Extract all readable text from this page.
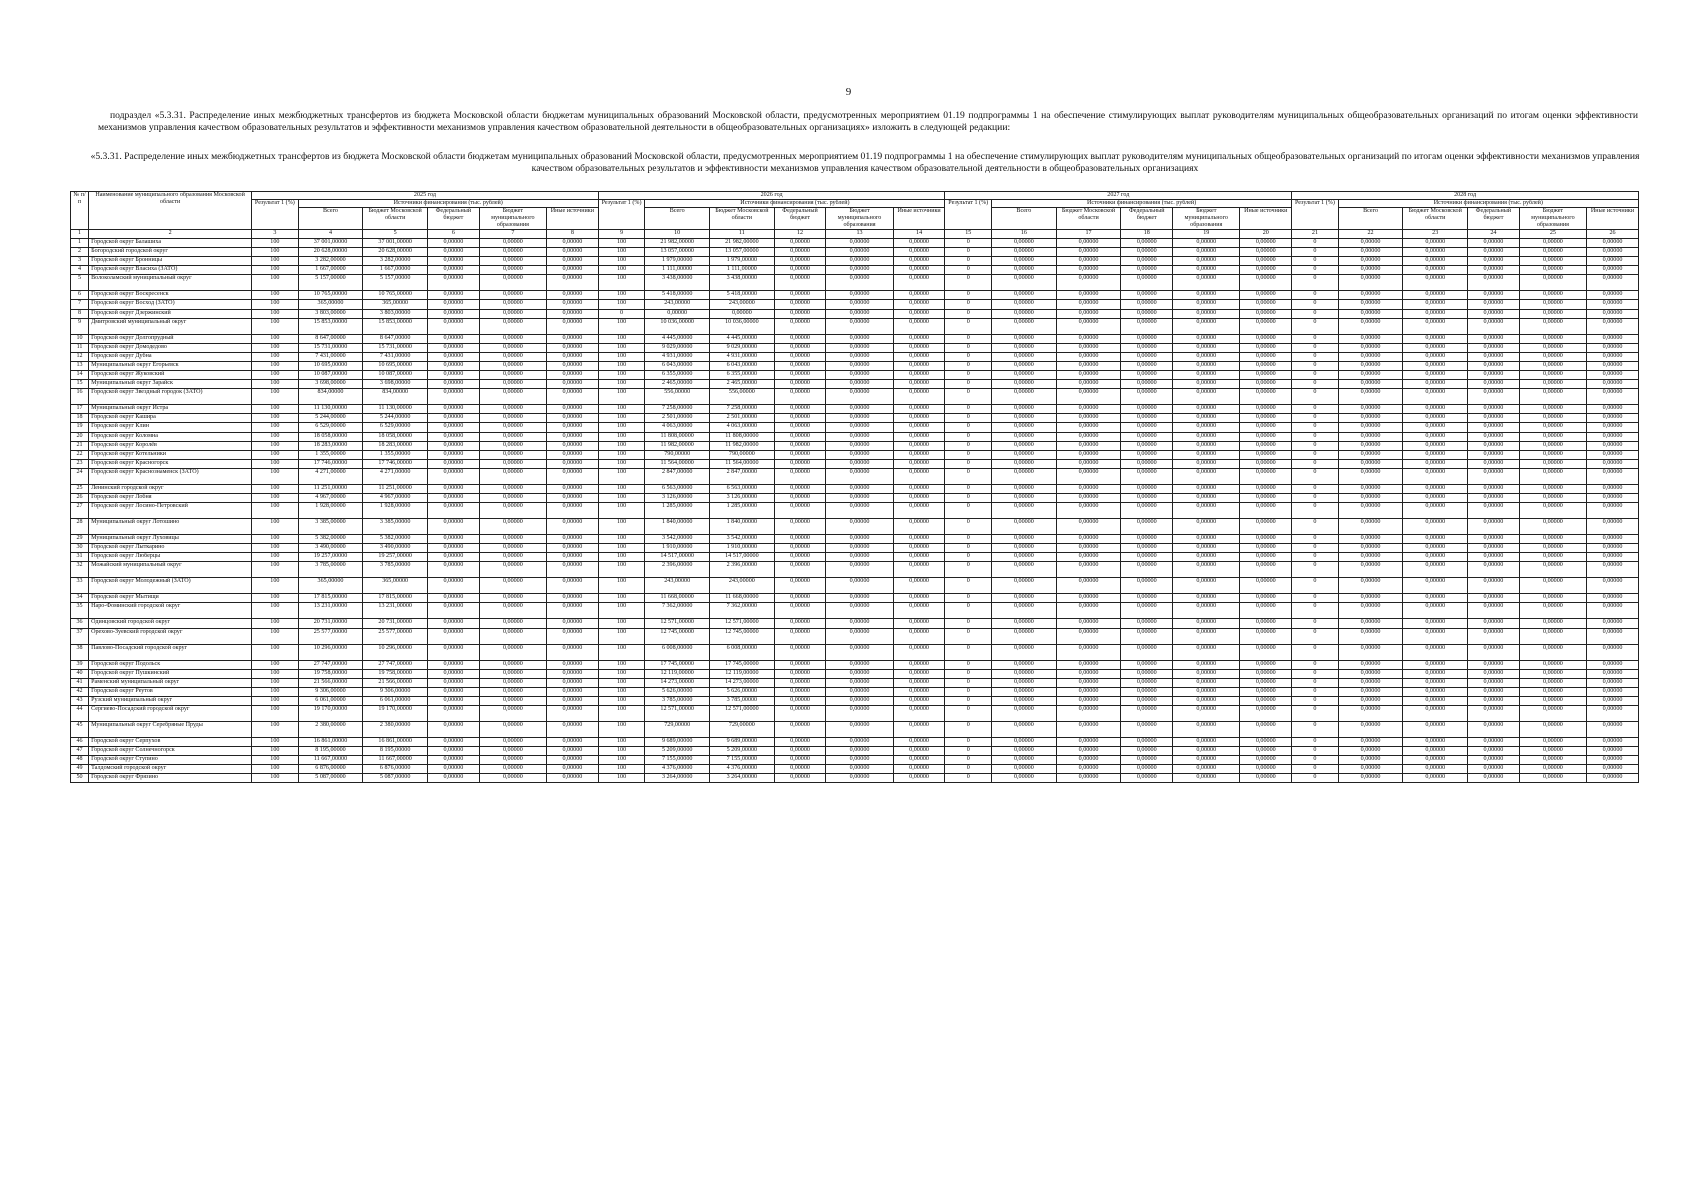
9
подраздел «5.3.31. Распределение иных межбюджетных трансфертов из бюджета Московской области бюджетам муниципальных образований Московской области, предусмотренных мероприятием 01.19 подпрограммы 1 на обеспечение стимулирующих выплат руководителям муниципальных общеобразовательных организаций по итогам оценки эффективности механизмов управления качеством образовательных результатов и эффективности механизмов управления качеством образовательной деятельности в общеобразовательных организациях» изложить в следующей редакции:
«5.3.31. Распределение иных межбюджетных трансфертов из бюджета Московской области бюджетам муниципальных образований Московской области, предусмотренных мероприятием 01.19 подпрограммы 1 на обеспечение стимулирующих выплат руководителям муниципальных общеобразовательных организаций по итогам оценки эффективности механизмов управления качеством образовательных результатов и эффективности механизмов управления качеством образовательной деятельности в общеобразовательных организациях
№ п/п	Наименование муниципального образования Московской области	2025 год						2026 год						2027 год						2028 год					
		Результат 1 (%)	Источники финансирования (тыс. рублей)					Результат 1 (%)	Источники финансирования (тыс. рублей)					Результат 1 (%)	Источники финансирования (тыс. рублей)					Результат 1 (%)	Источники финансирования (тыс. рублей)				
			Всего	Бюджет Московской области	Федеральный бюджет	Бюджет муниципального образования	Иные источники		Всего	Бюджет Московской области	Федеральный бюджет	Бюджет муниципального образования	Иные источники		Всего	Бюджет Московской области	Федеральный бюджет	Бюджет муниципального образования	Иные источники		Всего	Бюджет Московской области	Федеральный бюджет	Бюджет муниципального образования	Иные источники
1	2	3	4	5	6	7	8	9	10	11	12	13	14	15	16	17	18	19	20	21	22	23	24	25	26
1	Городской округ Балашиха	100	37 001,00000	37 001,00000	0,00000	0,00000	0,00000	100	21 982,00000	21 982,00000	0,00000	0,00000	0,00000	0	0,00000	0,00000	0,00000	0,00000	0,00000	0	0,00000	0,00000	0,00000	0,00000	0,00000
2	Богородский городской округ	100	20 628,00000	20 628,00000	0,00000	0,00000	0,00000	100	13 057,00000	13 057,00000	0,00000	0,00000	0,00000	0	0,00000	0,00000	0,00000	0,00000	0,00000	0	0,00000	0,00000	0,00000	0,00000	0,00000
3	Городской округ Бронницы	100	3 282,00000	3 282,00000	0,00000	0,00000	0,00000	100	1 979,00000	1 979,00000	0,00000	0,00000	0,00000	0	0,00000	0,00000	0,00000	0,00000	0,00000	0	0,00000	0,00000	0,00000	0,00000	0,00000
4	Городской округ Власиха (ЗАТО)	100	1 667,00000	1 667,00000	0,00000	0,00000	0,00000	100	1 111,00000	1 111,00000	0,00000	0,00000	0,00000	0	0,00000	0,00000	0,00000	0,00000	0,00000	0	0,00000	0,00000	0,00000	0,00000	0,00000
5	Волоколамский муниципальный округ	100	5 157,00000	5 157,00000	0,00000	0,00000	0,00000	100	3 438,00000	3 438,00000	0,00000	0,00000	0,00000	0	0,00000	0,00000	0,00000	0,00000	0,00000	0	0,00000	0,00000	0,00000	0,00000	0,00000
6	Городской округ Воскресенск	100	10 765,00000	10 765,00000	0,00000	0,00000	0,00000	100	5 418,00000	5 418,00000	0,00000	0,00000	0,00000	0	0,00000	0,00000	0,00000	0,00000	0,00000	0	0,00000	0,00000	0,00000	0,00000	0,00000
7	Городской округ Восход (ЗАТО)	100	365,00000	365,00000	0,00000	0,00000	0,00000	100	243,00000	243,00000	0,00000	0,00000	0,00000	0	0,00000	0,00000	0,00000	0,00000	0,00000	0	0,00000	0,00000	0,00000	0,00000	0,00000
8	Городской округ Дзержинский	100	3 803,00000	3 803,00000	0,00000	0,00000	0,00000	0	0,00000	0,00000	0,00000	0,00000	0,00000	0	0,00000	0,00000	0,00000	0,00000	0,00000	0	0,00000	0,00000	0,00000	0,00000	0,00000
9	Дмитровский муниципальный округ	100	15 853,00000	15 853,00000	0,00000	0,00000	0,00000	100	10 036,00000	10 036,00000	0,00000	0,00000	0,00000	0	0,00000	0,00000	0,00000	0,00000	0,00000	0	0,00000	0,00000	0,00000	0,00000	0,00000
10	Городской округ Долгопрудный	100	8 647,00000	8 647,00000	0,00000	0,00000	0,00000	100	4 445,00000	4 445,00000	0,00000	0,00000	0,00000	0	0,00000	0,00000	0,00000	0,00000	0,00000	0	0,00000	0,00000	0,00000	0,00000	0,00000
11	Городской округ Домодедово	100	15 731,00000	15 731,00000	0,00000	0,00000	0,00000	100	9 029,00000	9 029,00000	0,00000	0,00000	0,00000	0	0,00000	0,00000	0,00000	0,00000	0,00000	0	0,00000	0,00000	0,00000	0,00000	0,00000
12	Городской округ Дубна	100	7 431,00000	7 431,00000	0,00000	0,00000	0,00000	100	4 931,00000	4 931,00000	0,00000	0,00000	0,00000	0	0,00000	0,00000	0,00000	0,00000	0,00000	0	0,00000	0,00000	0,00000	0,00000	0,00000
13	Муниципальный округ Егорьевск	100	10 695,00000	10 695,00000	0,00000	0,00000	0,00000	100	6 043,00000	6 043,00000	0,00000	0,00000	0,00000	0	0,00000	0,00000	0,00000	0,00000	0,00000	0	0,00000	0,00000	0,00000	0,00000	0,00000
14	Городской округ Жуковский	100	10 087,00000	10 087,00000	0,00000	0,00000	0,00000	100	6 355,00000	6 355,00000	0,00000	0,00000	0,00000	0	0,00000	0,00000	0,00000	0,00000	0,00000	0	0,00000	0,00000	0,00000	0,00000	0,00000
15	Муниципальный округ Зарайск	100	3 698,00000	3 698,00000	0,00000	0,00000	0,00000	100	2 465,00000	2 465,00000	0,00000	0,00000	0,00000	0	0,00000	0,00000	0,00000	0,00000	0,00000	0	0,00000	0,00000	0,00000	0,00000	0,00000
16	Городской округ Звездный городок (ЗАТО)	100	834,00000	834,00000	0,00000	0,00000	0,00000	100	556,00000	556,00000	0,00000	0,00000	0,00000	0	0,00000	0,00000	0,00000	0,00000	0,00000	0	0,00000	0,00000	0,00000	0,00000	0,00000
17	Муниципальный округ Истра	100	11 130,00000	11 130,00000	0,00000	0,00000	0,00000	100	7 258,00000	7 258,00000	0,00000	0,00000	0,00000	0	0,00000	0,00000	0,00000	0,00000	0,00000	0	0,00000	0,00000	0,00000	0,00000	0,00000
18	Городской округ Кашира	100	5 244,00000	5 244,00000	0,00000	0,00000	0,00000	100	2 501,00000	2 501,00000	0,00000	0,00000	0,00000	0	0,00000	0,00000	0,00000	0,00000	0,00000	0	0,00000	0,00000	0,00000	0,00000	0,00000
19	Городской округ Клин	100	6 529,00000	6 529,00000	0,00000	0,00000	0,00000	100	4 063,00000	4 063,00000	0,00000	0,00000	0,00000	0	0,00000	0,00000	0,00000	0,00000	0,00000	0	0,00000	0,00000	0,00000	0,00000	0,00000
20	Городской округ Коломна	100	18 058,00000	18 058,00000	0,00000	0,00000	0,00000	100	11 808,00000	11 808,00000	0,00000	0,00000	0,00000	0	0,00000	0,00000	0,00000	0,00000	0,00000	0	0,00000	0,00000	0,00000	0,00000	0,00000
21	Городской округ Королёв	100	18 283,00000	18 283,00000	0,00000	0,00000	0,00000	100	11 982,00000	11 982,00000	0,00000	0,00000	0,00000	0	0,00000	0,00000	0,00000	0,00000	0,00000	0	0,00000	0,00000	0,00000	0,00000	0,00000
22	Городской округ Котельники	100	1 355,00000	1 355,00000	0,00000	0,00000	0,00000	100	790,00000	790,00000	0,00000	0,00000	0,00000	0	0,00000	0,00000	0,00000	0,00000	0,00000	0	0,00000	0,00000	0,00000	0,00000	0,00000
23	Городской округ Красногорск	100	17 746,00000	17 746,00000	0,00000	0,00000	0,00000	100	11 564,00000	11 564,00000	0,00000	0,00000	0,00000	0	0,00000	0,00000	0,00000	0,00000	0,00000	0	0,00000	0,00000	0,00000	0,00000	0,00000
24	Городской округ Краснознаменск (ЗАТО)	100	4 271,00000	4 271,00000	0,00000	0,00000	0,00000	100	2 847,00000	2 847,00000	0,00000	0,00000	0,00000	0	0,00000	0,00000	0,00000	0,00000	0,00000	0	0,00000	0,00000	0,00000	0,00000	0,00000
25	Ленинский городской округ	100	11 251,00000	11 251,00000	0,00000	0,00000	0,00000	100	6 563,00000	6 563,00000	0,00000	0,00000	0,00000	0	0,00000	0,00000	0,00000	0,00000	0,00000	0	0,00000	0,00000	0,00000	0,00000	0,00000
26	Городской округ Лобня	100	4 967,00000	4 967,00000	0,00000	0,00000	0,00000	100	3 126,00000	3 126,00000	0,00000	0,00000	0,00000	0	0,00000	0,00000	0,00000	0,00000	0,00000	0	0,00000	0,00000	0,00000	0,00000	0,00000
27	Городской округ Лосино-Петровский	100	1 928,00000	1 928,00000	0,00000	0,00000	0,00000	100	1 285,00000	1 285,00000	0,00000	0,00000	0,00000	0	0,00000	0,00000	0,00000	0,00000	0,00000	0	0,00000	0,00000	0,00000	0,00000	0,00000
28	Муниципальный округ Лотошино	100	3 385,00000	3 385,00000	0,00000	0,00000	0,00000	100	1 840,00000	1 840,00000	0,00000	0,00000	0,00000	0	0,00000	0,00000	0,00000	0,00000	0,00000	0	0,00000	0,00000	0,00000	0,00000	0,00000
29	Муниципальный округ Луховицы	100	5 382,00000	5 382,00000	0,00000	0,00000	0,00000	100	3 542,00000	3 542,00000	0,00000	0,00000	0,00000	0	0,00000	0,00000	0,00000	0,00000	0,00000	0	0,00000	0,00000	0,00000	0,00000	0,00000
30	Городской округ Лыткарино	100	3 490,00000	3 490,00000	0,00000	0,00000	0,00000	100	1 910,00000	1 910,00000	0,00000	0,00000	0,00000	0	0,00000	0,00000	0,00000	0,00000	0,00000	0	0,00000	0,00000	0,00000	0,00000	0,00000
31	Городской округ Люберцы	100	19 257,00000	19 257,00000	0,00000	0,00000	0,00000	100	14 517,00000	14 517,00000	0,00000	0,00000	0,00000	0	0,00000	0,00000	0,00000	0,00000	0,00000	0	0,00000	0,00000	0,00000	0,00000	0,00000
32	Можайский муниципальный округ	100	3 785,00000	3 785,00000	0,00000	0,00000	0,00000	100	2 396,00000	2 396,00000	0,00000	0,00000	0,00000	0	0,00000	0,00000	0,00000	0,00000	0,00000	0	0,00000	0,00000	0,00000	0,00000	0,00000
33	Городской округ Молодежный (ЗАТО)	100	365,00000	365,00000	0,00000	0,00000	0,00000	100	243,00000	243,00000	0,00000	0,00000	0,00000	0	0,00000	0,00000	0,00000	0,00000	0,00000	0	0,00000	0,00000	0,00000	0,00000	0,00000
34	Городской округ Мытищи	100	17 815,00000	17 815,00000	0,00000	0,00000	0,00000	100	11 668,00000	11 668,00000	0,00000	0,00000	0,00000	0	0,00000	0,00000	0,00000	0,00000	0,00000	0	0,00000	0,00000	0,00000	0,00000	0,00000
35	Наро-Фоминский городской округ	100	13 231,00000	13 231,00000	0,00000	0,00000	0,00000	100	7 362,00000	7 362,00000	0,00000	0,00000	0,00000	0	0,00000	0,00000	0,00000	0,00000	0,00000	0	0,00000	0,00000	0,00000	0,00000	0,00000
36	Одинцовский городской округ	100	20 731,00000	20 731,00000	0,00000	0,00000	0,00000	100	12 571,00000	12 571,00000	0,00000	0,00000	0,00000	0	0,00000	0,00000	0,00000	0,00000	0,00000	0	0,00000	0,00000	0,00000	0,00000	0,00000
37	Орехово-Зуевский городской округ	100	25 577,00000	25 577,00000	0,00000	0,00000	0,00000	100	12 745,00000	12 745,00000	0,00000	0,00000	0,00000	0	0,00000	0,00000	0,00000	0,00000	0,00000	0	0,00000	0,00000	0,00000	0,00000	0,00000
38	Павлово-Посадский городской округ	100	10 296,00000	10 296,00000	0,00000	0,00000	0,00000	100	6 008,00000	6 008,00000	0,00000	0,00000	0,00000	0	0,00000	0,00000	0,00000	0,00000	0,00000	0	0,00000	0,00000	0,00000	0,00000	0,00000
39	Городской округ Подольск	100	27 747,00000	27 747,00000	0,00000	0,00000	0,00000	100	17 745,00000	17 745,00000	0,00000	0,00000	0,00000	0	0,00000	0,00000	0,00000	0,00000	0,00000	0	0,00000	0,00000	0,00000	0,00000	0,00000
40	Городской округ Пушкинский	100	19 758,00000	19 758,00000	0,00000	0,00000	0,00000	100	12 119,00000	12 119,00000	0,00000	0,00000	0,00000	0	0,00000	0,00000	0,00000	0,00000	0,00000	0	0,00000	0,00000	0,00000	0,00000	0,00000
41	Раменский муниципальный округ	100	21 566,00000	21 566,00000	0,00000	0,00000	0,00000	100	14 273,00000	14 273,00000	0,00000	0,00000	0,00000	0	0,00000	0,00000	0,00000	0,00000	0,00000	0	0,00000	0,00000	0,00000	0,00000	0,00000
42	Городской округ Реутов	100	9 306,00000	9 306,00000	0,00000	0,00000	0,00000	100	5 626,00000	5 626,00000	0,00000	0,00000	0,00000	0	0,00000	0,00000	0,00000	0,00000	0,00000	0	0,00000	0,00000	0,00000	0,00000	0,00000
43	Рузский муниципальный округ	100	6 061,00000	6 061,00000	0,00000	0,00000	0,00000	100	3 785,00000	3 785,00000	0,00000	0,00000	0,00000	0	0,00000	0,00000	0,00000	0,00000	0,00000	0	0,00000	0,00000	0,00000	0,00000	0,00000
44	Сергиево-Посадский городской округ	100	19 170,00000	19 170,00000	0,00000	0,00000	0,00000	100	12 571,00000	12 571,00000	0,00000	0,00000	0,00000	0	0,00000	0,00000	0,00000	0,00000	0,00000	0	0,00000	0,00000	0,00000	0,00000	0,00000
45	Муниципальный округ Серебряные Пруды	100	2 380,00000	2 380,00000	0,00000	0,00000	0,00000	100	729,00000	729,00000	0,00000	0,00000	0,00000	0	0,00000	0,00000	0,00000	0,00000	0,00000	0	0,00000	0,00000	0,00000	0,00000	0,00000
46	Городской округ Серпухов	100	16 861,00000	16 861,00000	0,00000	0,00000	0,00000	100	9 689,00000	9 689,00000	0,00000	0,00000	0,00000	0	0,00000	0,00000	0,00000	0,00000	0,00000	0	0,00000	0,00000	0,00000	0,00000	0,00000
47	Городской округ Солнечногорск	100	8 195,00000	8 195,00000	0,00000	0,00000	0,00000	100	5 209,00000	5 209,00000	0,00000	0,00000	0,00000	0	0,00000	0,00000	0,00000	0,00000	0,00000	0	0,00000	0,00000	0,00000	0,00000	0,00000
48	Городской округ Ступино	100	11 667,00000	11 667,00000	0,00000	0,00000	0,00000	100	7 155,00000	7 155,00000	0,00000	0,00000	0,00000	0	0,00000	0,00000	0,00000	0,00000	0,00000	0	0,00000	0,00000	0,00000	0,00000	0,00000
49	Талдомский городской округ	100	6 876,00000	6 876,00000	0,00000	0,00000	0,00000	100	4 376,00000	4 376,00000	0,00000	0,00000	0,00000	0	0,00000	0,00000	0,00000	0,00000	0,00000	0	0,00000	0,00000	0,00000	0,00000	0,00000
50	Городской округ Фрязино	100	5 087,00000	5 087,00000	0,00000	0,00000	0,00000	100	3 264,00000	3 264,00000	0,00000	0,00000	0,00000	0	0,00000	0,00000	0,00000	0,00000	0,00000	0	0,00000	0,00000	0,00000	0,00000	0,00000
